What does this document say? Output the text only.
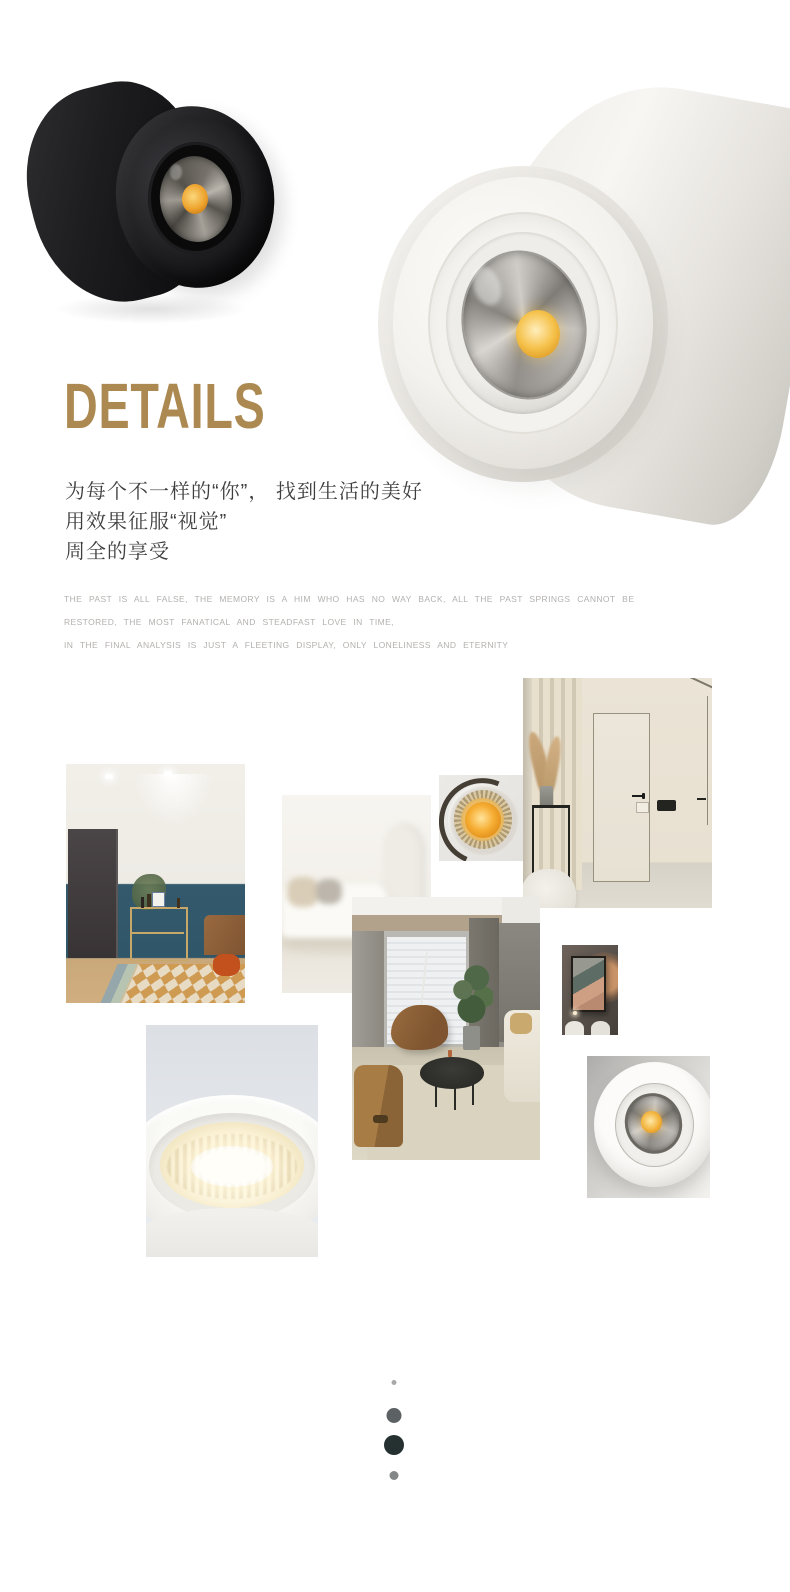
DETAILS
为每个不一样的“你”， 找到生活的美好
用效果征服“视觉”
周全的享受
THE PAST IS ALL FALSE, THE MEMORY IS A HIM WHO HAS NO WAY BACK, ALL THE PAST SPRINGS CANNOT BE
RESTORED, THE MOST FANATICAL AND STEADFAST LOVE IN TIME,
IN THE FINAL ANALYSIS IS JUST A FLEETING DISPLAY, ONLY LONELINESS AND ETERNITY
